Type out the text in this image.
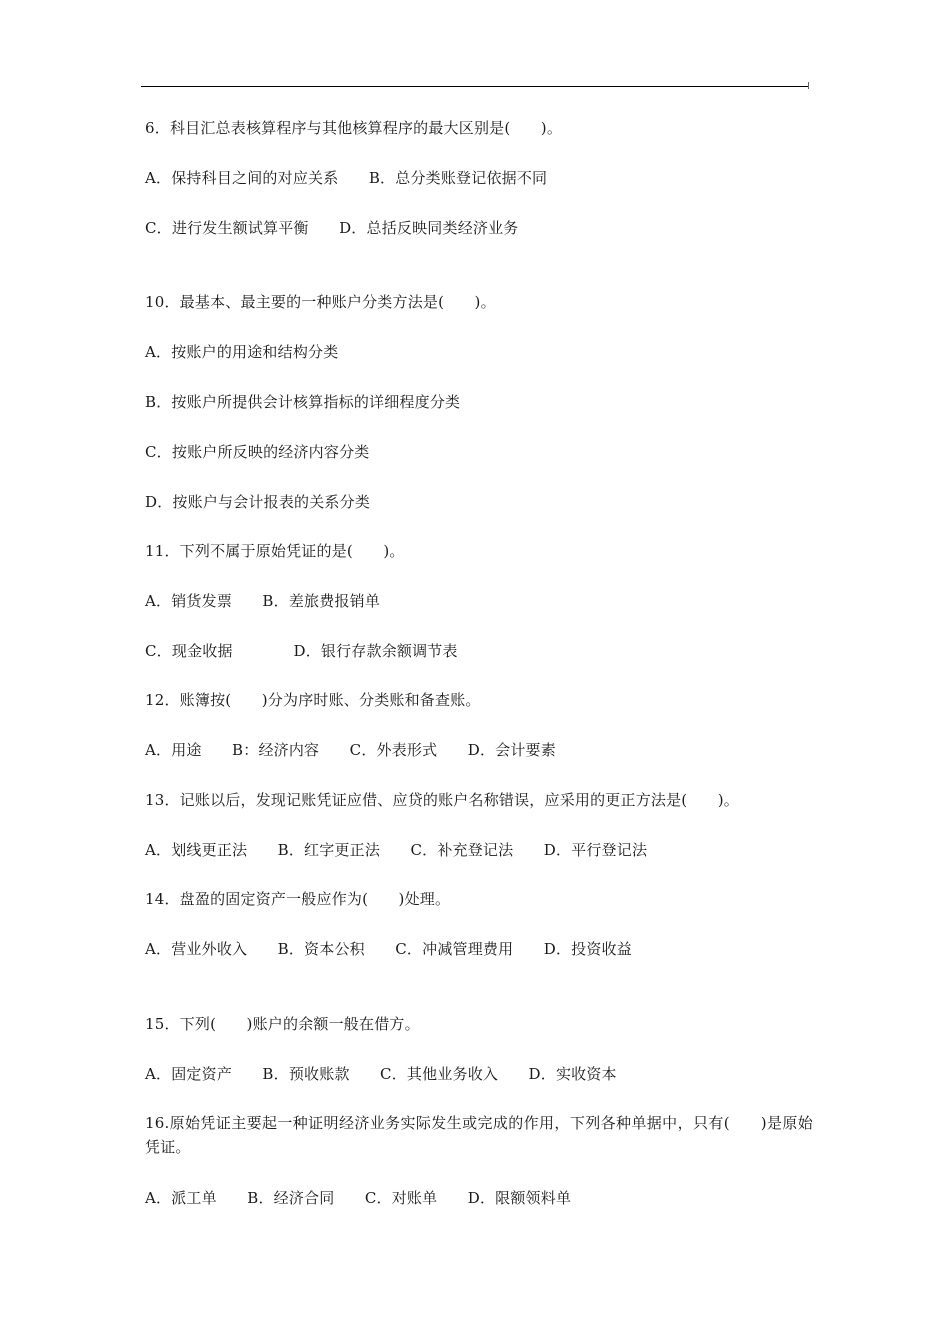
6．科目汇总表核算程序与其他核算程序的最大区别是(　　)。
A．保持科目之间的对应关系　　B．总分类账登记依据不同
C．进行发生额试算平衡　　D．总括反映同类经济业务
10．最基本、最主要的一种账户分类方法是(　　)。
A．按账户的用途和结构分类
B．按账户所提供会计核算指标的详细程度分类
C．按账户所反映的经济内容分类
D．按账户与会计报表的关系分类
11．下列不属于原始凭证的是(　　)。
A．销货发票　　B．差旅费报销单
C．现金收据　　　　D．银行存款余额调节表
12．账簿按(　　)分为序时账、分类账和备查账。
A．用途　　B：经济内容　　C．外表形式　　D．会计要素
13．记账以后，发现记账凭证应借、应贷的账户名称错误，应采用的更正方法是(　　)。
A．划线更正法　　B．红字更正法　　C．补充登记法　　D．平行登记法
14．盘盈的固定资产一般应作为(　　)处理。
A．营业外收入　　B．资本公积　　C．冲减管理费用　　D．投资收益
15．下列(　　)账户的余额一般在借方。
A．固定资产　　B．预收账款　　C．其他业务收入　　D．实收资本
16.原始凭证主要起一种证明经济业务实际发生或完成的作用，下列各种单据中，只有(　　)是原始凭证。
A．派工单　　B．经济合同　　C．对账单　　D．限额领料单
